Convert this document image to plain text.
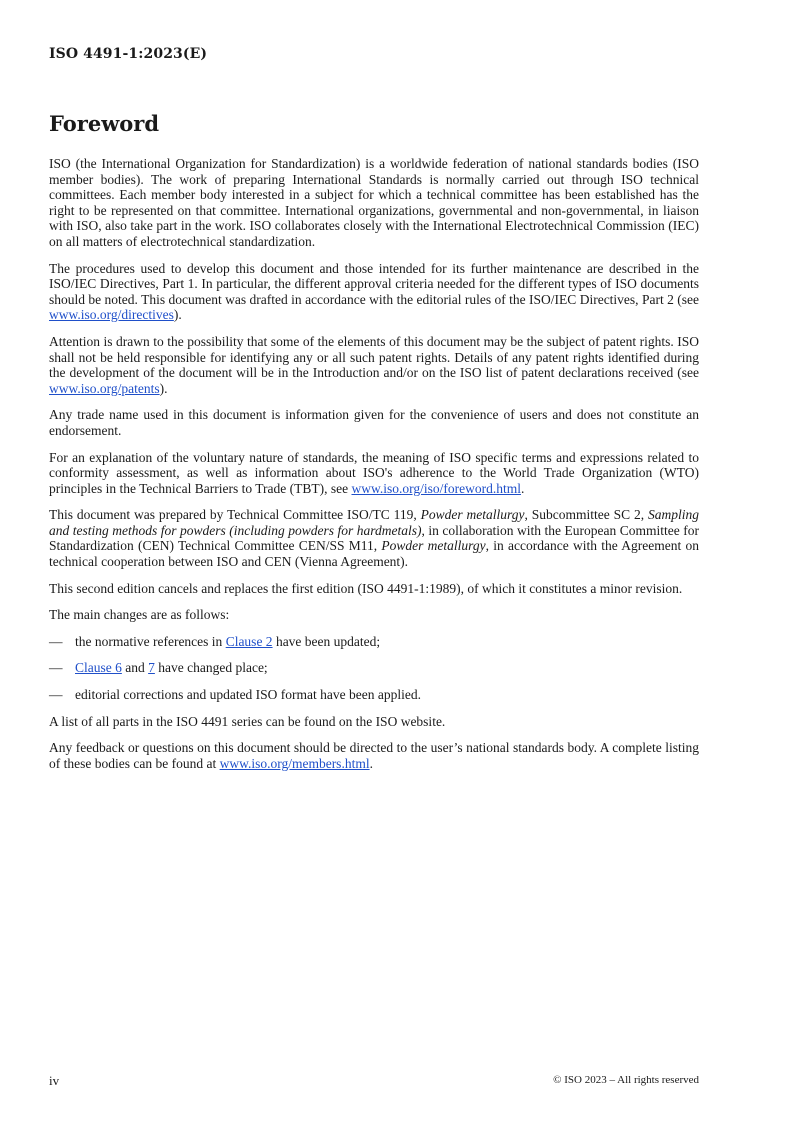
ISO 4491-1:2023(E)
Foreword

ISO (the International Organization for Standardization) is a worldwide federation of national standards bodies (ISO member bodies). The work of preparing International Standards is normally carried out through ISO technical committees. Each member body interested in a subject for which a technical committee has been established has the right to be represented on that committee. International organizations, governmental and non-governmental, in liaison with ISO, also take part in the work. ISO collaborates closely with the International Electrotechnical Commission (IEC) on all matters of electrotechnical standardization.

The procedures used to develop this document and those intended for its further maintenance are described in the ISO/IEC Directives, Part 1. In particular, the different approval criteria needed for the different types of ISO documents should be noted. This document was drafted in accordance with the editorial rules of the ISO/IEC Directives, Part 2 (see www.iso.org/directives).

Attention is drawn to the possibility that some of the elements of this document may be the subject of patent rights. ISO shall not be held responsible for identifying any or all such patent rights. Details of any patent rights identified during the development of the document will be in the Introduction and/or on the ISO list of patent declarations received (see www.iso.org/patents).

Any trade name used in this document is information given for the convenience of users and does not constitute an endorsement.

For an explanation of the voluntary nature of standards, the meaning of ISO specific terms and expressions related to conformity assessment, as well as information about ISO's adherence to the World Trade Organization (WTO) principles in the Technical Barriers to Trade (TBT), see www.iso.org/iso/foreword.html.

This document was prepared by Technical Committee ISO/TC 119, Powder metallurgy, Subcommittee SC 2, Sampling and testing methods for powders (including powders for hardmetals), in collaboration with the European Committee for Standardization (CEN) Technical Committee CEN/SS M11, Powder metallurgy, in accordance with the Agreement on technical cooperation between ISO and CEN (Vienna Agreement).

This second edition cancels and replaces the first edition (ISO 4491-1:1989), of which it constitutes a minor revision.

The main changes are as follows:

— the normative references in Clause 2 have been updated;
— Clause 6 and 7 have changed place;
— editorial corrections and updated ISO format have been applied.

A list of all parts in the ISO 4491 series can be found on the ISO website.

Any feedback or questions on this document should be directed to the user’s national standards body. A complete listing of these bodies can be found at www.iso.org/members.html.

iv	© ISO 2023 – All rights reserved
